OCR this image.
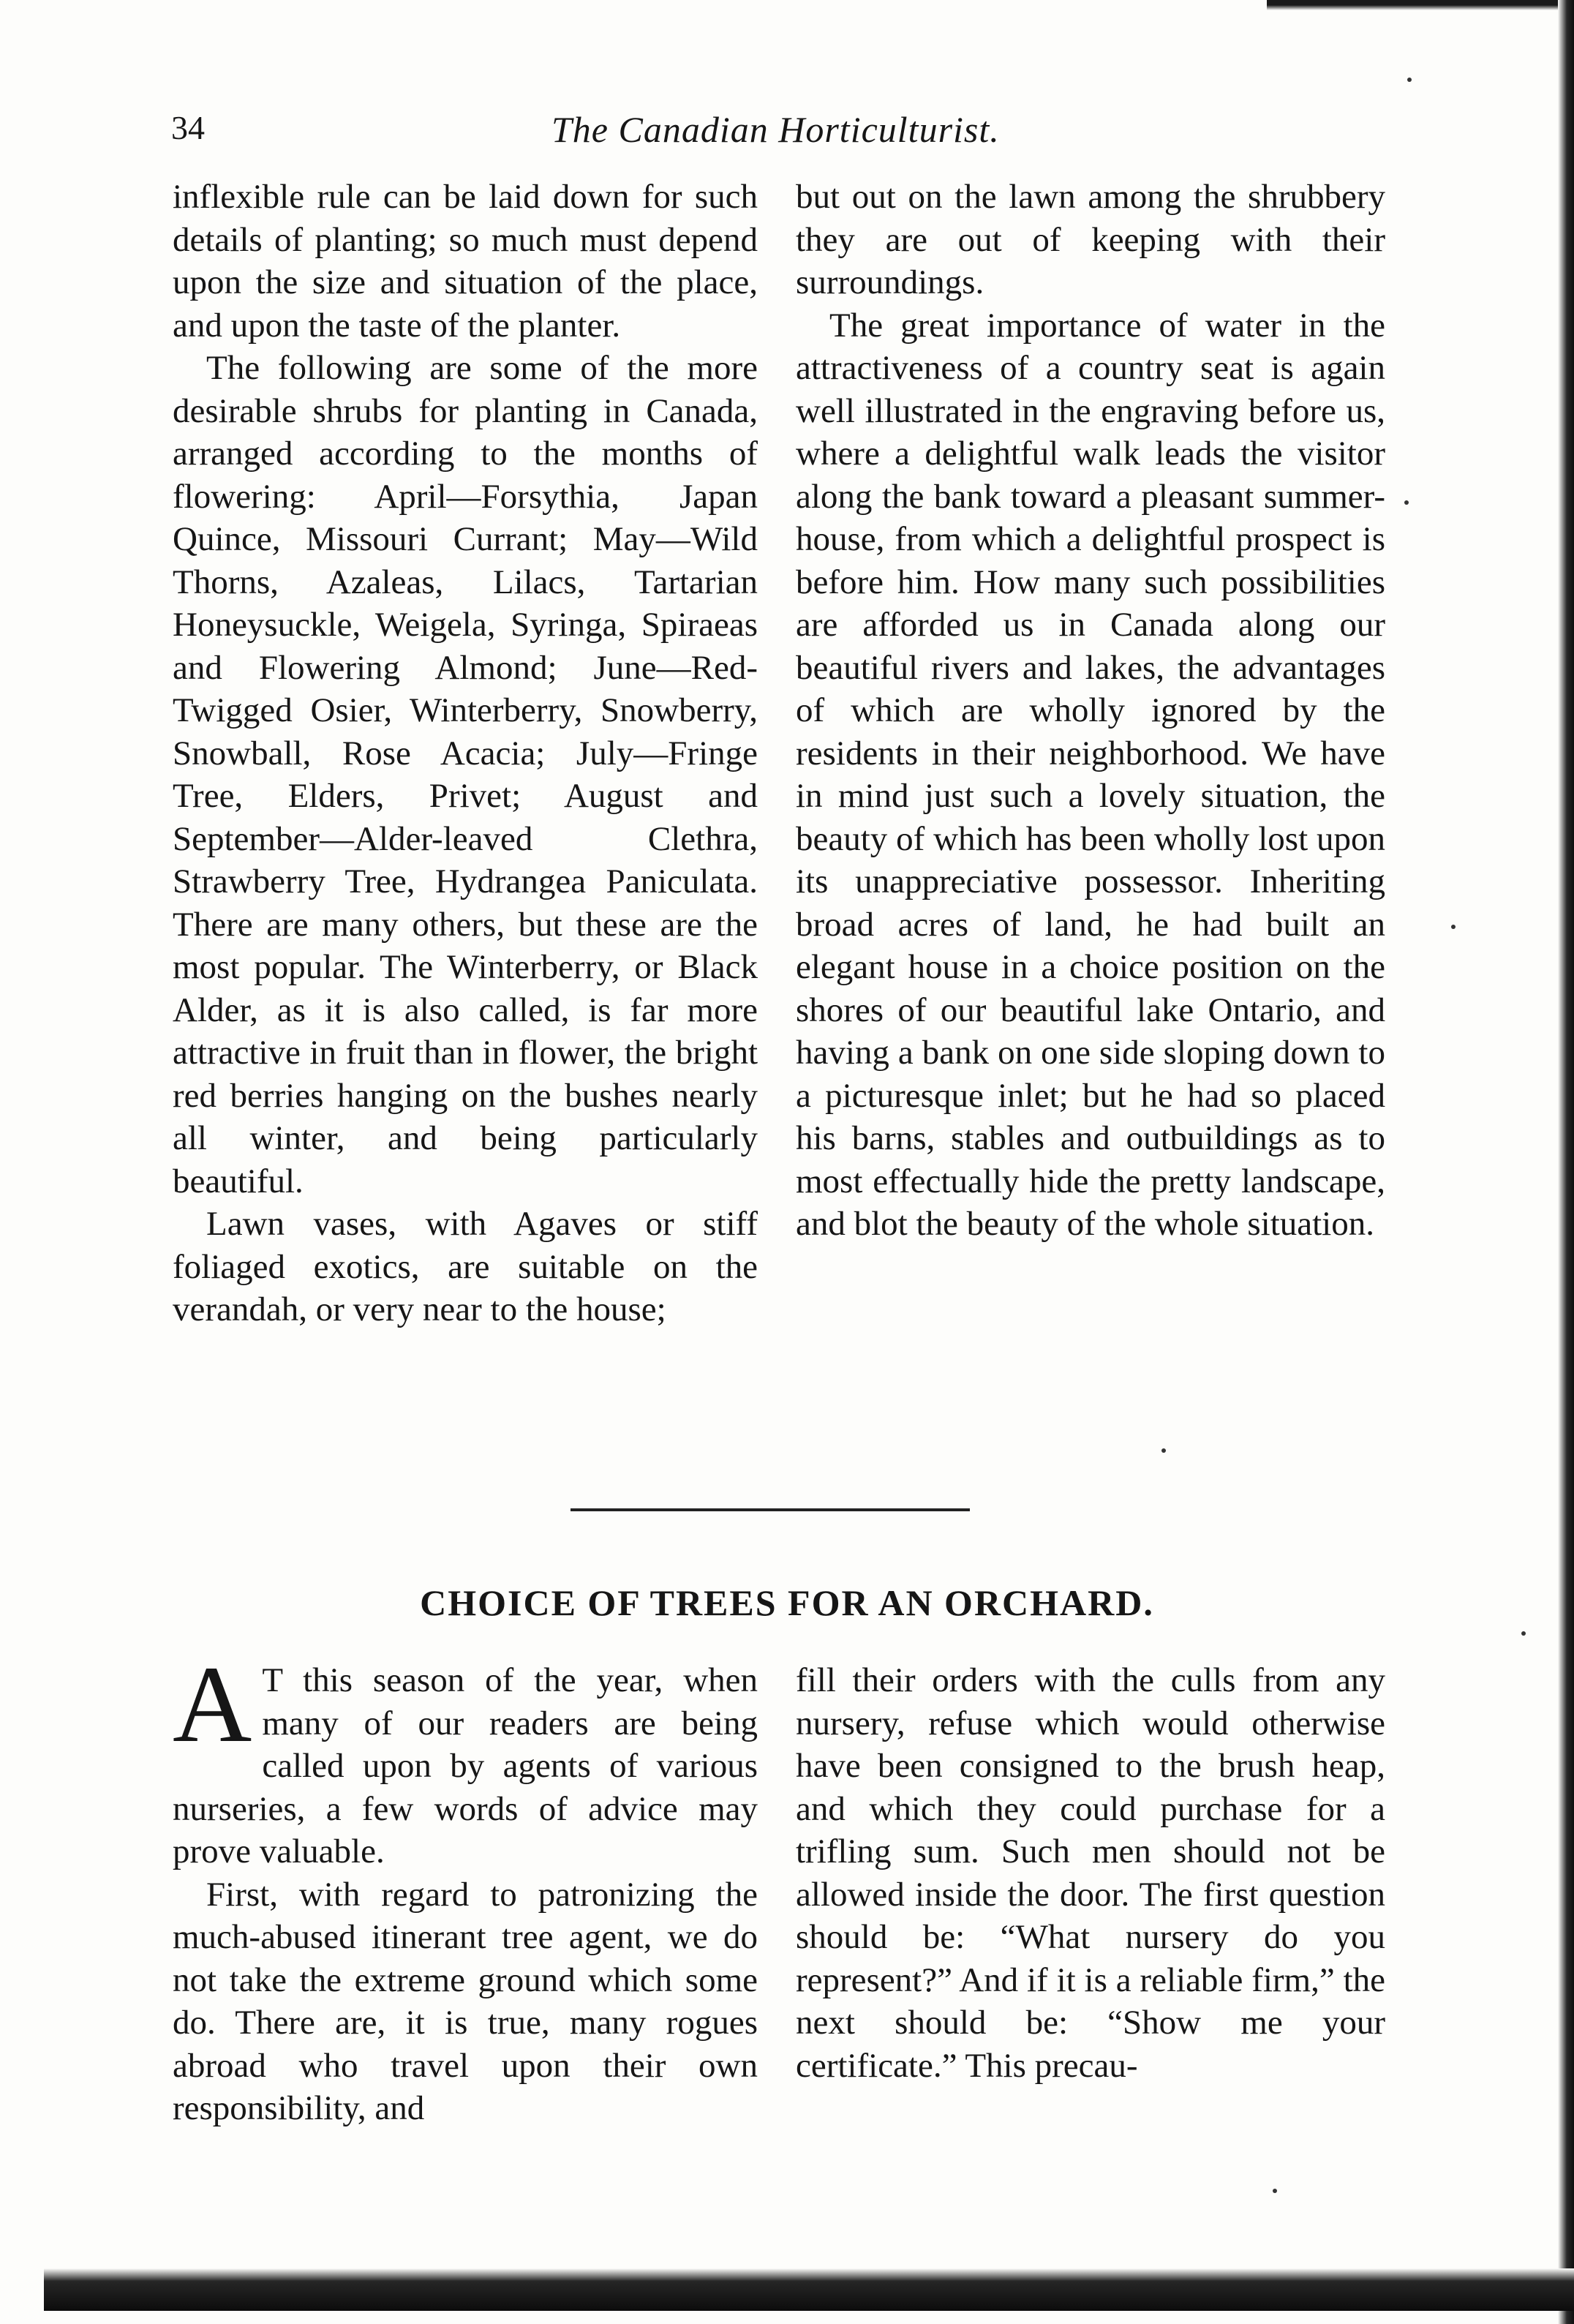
34	The Canadian Horticulturist.

inflexible rule can be laid down for such details of planting; so much must depend upon the size and situation of the place, and upon the taste of the planter.

The following are some of the more desirable shrubs for planting in Canada, arranged according to the months of flowering: April—Forsythia, Japan Quince, Missouri Currant; May—Wild Thorns, Azaleas, Lilacs, Tartarian Honeysuckle, Weigela, Syringa, Spiraeas and Flowering Almond; June—Red-Twigged Osier, Winterberry, Snowberry, Snowball, Rose Acacia; July—Fringe Tree, Elders, Privet; August and September—Alder-leaved Clethra, Strawberry Tree, Hydrangea Paniculata. There are many others, but these are the most popular. The Winterberry, or Black Alder, as it is also called, is far more attractive in fruit than in flower, the bright red berries hanging on the bushes nearly all winter, and being particularly beautiful.

Lawn vases, with Agaves or stiff foliaged exotics, are suitable on the verandah, or very near to the house;

but out on the lawn among the shrubbery they are out of keeping with their surroundings.

The great importance of water in the attractiveness of a country seat is again well illustrated in the engraving before us, where a delightful walk leads the visitor along the bank toward a pleasant summer-house, from which a delightful prospect is before him. How many such possibilities are afforded us in Canada along our beautiful rivers and lakes, the advantages of which are wholly ignored by the residents in their neighborhood. We have in mind just such a lovely situation, the beauty of which has been wholly lost upon its unappreciative possessor. Inheriting broad acres of land, he had built an elegant house in a choice position on the shores of our beautiful lake Ontario, and having a bank on one side sloping down to a picturesque inlet; but he had so placed his barns, stables and outbuildings as to most effectually hide the pretty landscape, and blot the beauty of the whole situation.

CHOICE OF TREES FOR AN ORCHARD.

A T this season of the year, when many of our readers are being called upon by agents of various nurseries, a few words of advice may prove valuable.

First, with regard to patronizing the much-abused itinerant tree agent, we do not take the extreme ground which some do. There are, it is true, many rogues abroad who travel upon their own responsibility, and

fill their orders with the culls from any nursery, refuse which would otherwise have been consigned to the brush heap, and which they could purchase for a trifling sum. Such men should not be allowed inside the door. The first question should be: “What nursery do you represent?” And if it is a reliable firm,” the next should be: “Show me your certificate.” This precau-
